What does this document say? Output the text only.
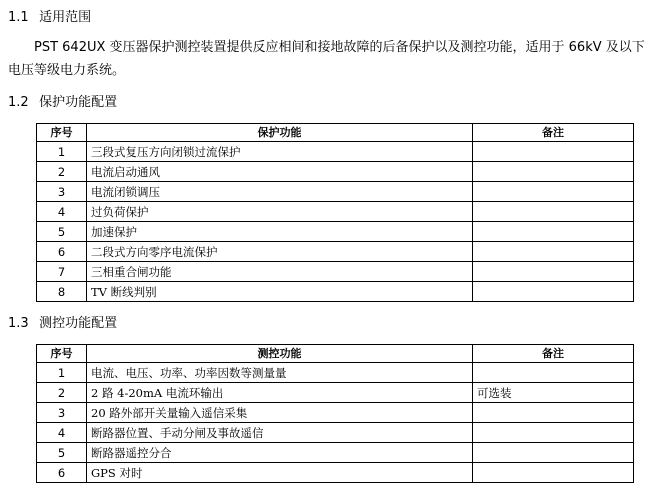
1.1 适用范围
PST 642UX 变压器保护测控装置提供反应相间和接地故障的后备保护以及测控功能，适用于 66kV 及以下电压等级电力系统。
1.2 保护功能配置
序号	保护功能	备注
1	三段式复压方向闭锁过流保护	
2	电流启动通风	
3	电流闭锁调压	
4	过负荷保护	
5	加速保护	
6	二段式方向零序电流保护	
7	三相重合闸功能	
8	TV 断线判别	
1.3 测控功能配置
序号	测控功能	备注
1	电流、电压、功率、功率因数等测量量	
2	2 路 4-20mA 电流环输出	可选装
3	20 路外部开关量输入遥信采集	
4	断路器位置、手动分闸及事故遥信	
5	断路器遥控分合	
6	GPS 对时	
